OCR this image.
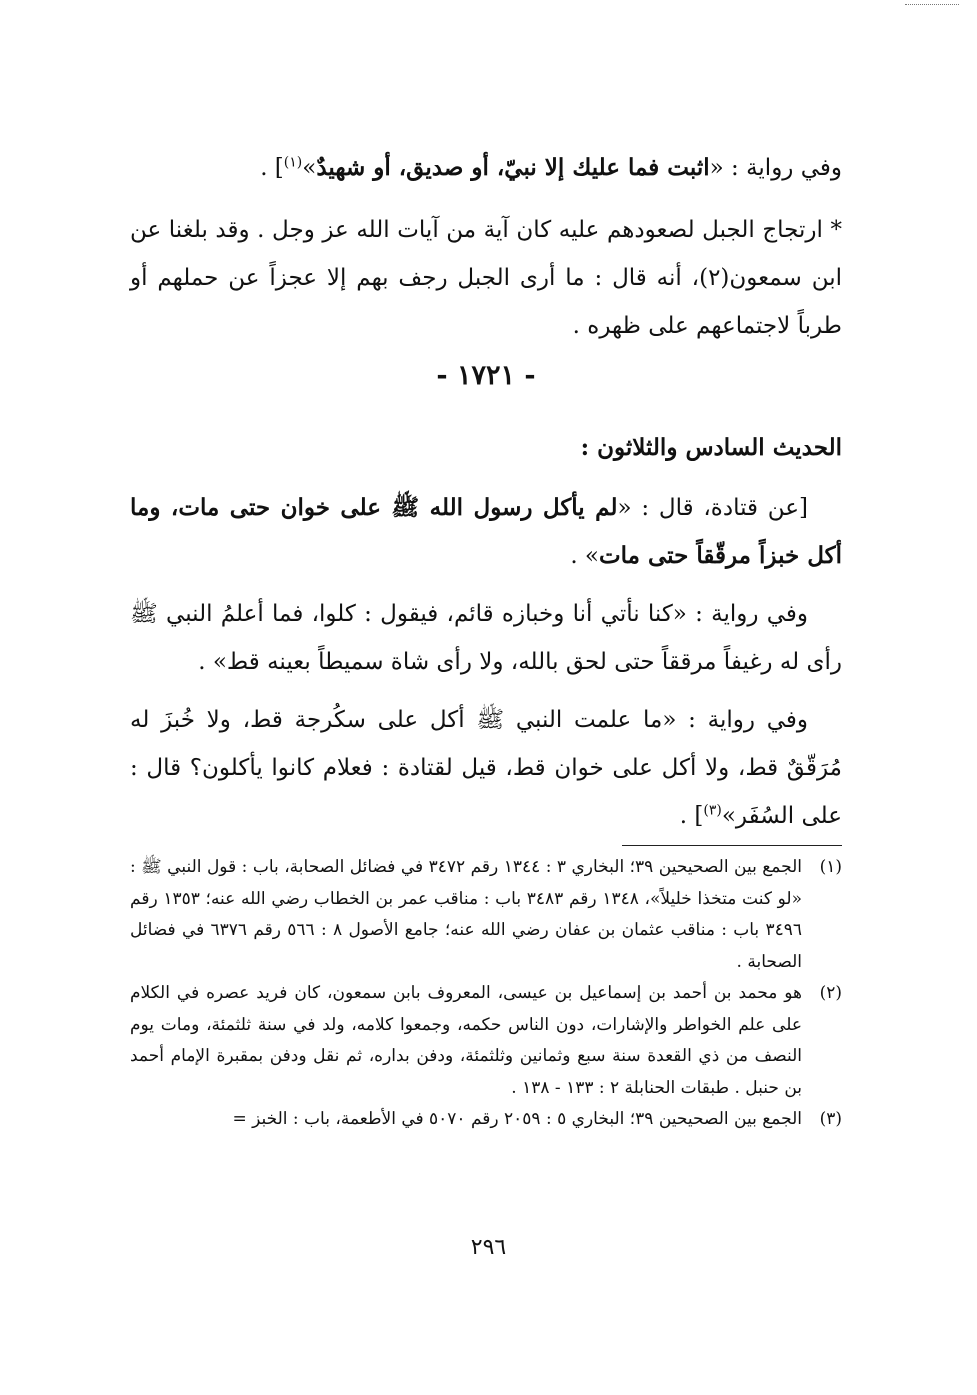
وفي رواية : «اثبت فما عليك إلا نبيّ، أو صديق، أو شهيدٌ»$^{(١)}$] .
* ارتجاج الجبل لصعودهم عليه كان آية من آيات الله عز وجل . وقد بلغنا عن ابن سمعون(٢)، أنه قال : ما أرى الجبل رجف بهم إلا عجزاً عن حملهم أو طرباً لاجتماعهم على ظهره .
- ١٧٢١ -
الحديث السادس والثلاثون :
[عن قتادة، قال : «لم يأكل رسول الله ﷺ على خوان حتى مات، وما أكل خبزاً مرقّقاً حتى مات» .
وفي رواية : «كنا نأتي أنا وخبازه قائم، فيقول : كلوا، فما أعلمُ النبي ﷺ رأى له رغيفاً مرققاً حتى لحق بالله، ولا رأى شاة سميطاً بعينه قط» .
وفي رواية : «ما علمت النبي ﷺ أكل على سكُرجة قط، ولا خُبزَ له مُرَقّقٌ قط، ولا أكل على خوان قط، قيل لقتادة : فعلام كانوا يأكلون؟ قال : على السُفَر»$^{(٣)}$] .
(١)
الجمع بين الصحيحين ٣٩؛ البخاري ٣ : ١٣٤٤ رقم ٣٤٧٢ في فضائل الصحابة، باب : قول النبي ﷺ : «لو كنت متخذا خليلاً»، ١٣٤٨ رقم ٣٤٨٣ باب : مناقب عمر بن الخطاب رضي الله عنه؛ ١٣٥٣ رقم ٣٤٩٦ باب : مناقب عثمان بن عفان رضي الله عنه؛ جامع الأصول ٨ : ٥٦٦ رقم ٦٣٧٦ في فضائل الصحابة .
(٢)
هو محمد بن أحمد بن إسماعيل بن عيسى، المعروف بابن سمعون، كان فريد عصره في الكلام على علم الخواطر والإشارات، دون الناس حكمه، وجمعوا كلامه، ولد في سنة ثلثمئة، ومات يوم النصف من ذي القعدة سنة سبع وثمانين وثلثمئة، ودفن بداره، ثم نقل ودفن بمقبرة الإمام أحمد بن حنبل . طبقات الحنابلة ٢ : ١٣٣ - ١٣٨ .
(٣)
الجمع بين الصحيحين ٣٩؛ البخاري ٥ : ٢٠٥٩ رقم ٥٠٧٠ في الأطعمة، باب : الخبز =
٢٩٦
